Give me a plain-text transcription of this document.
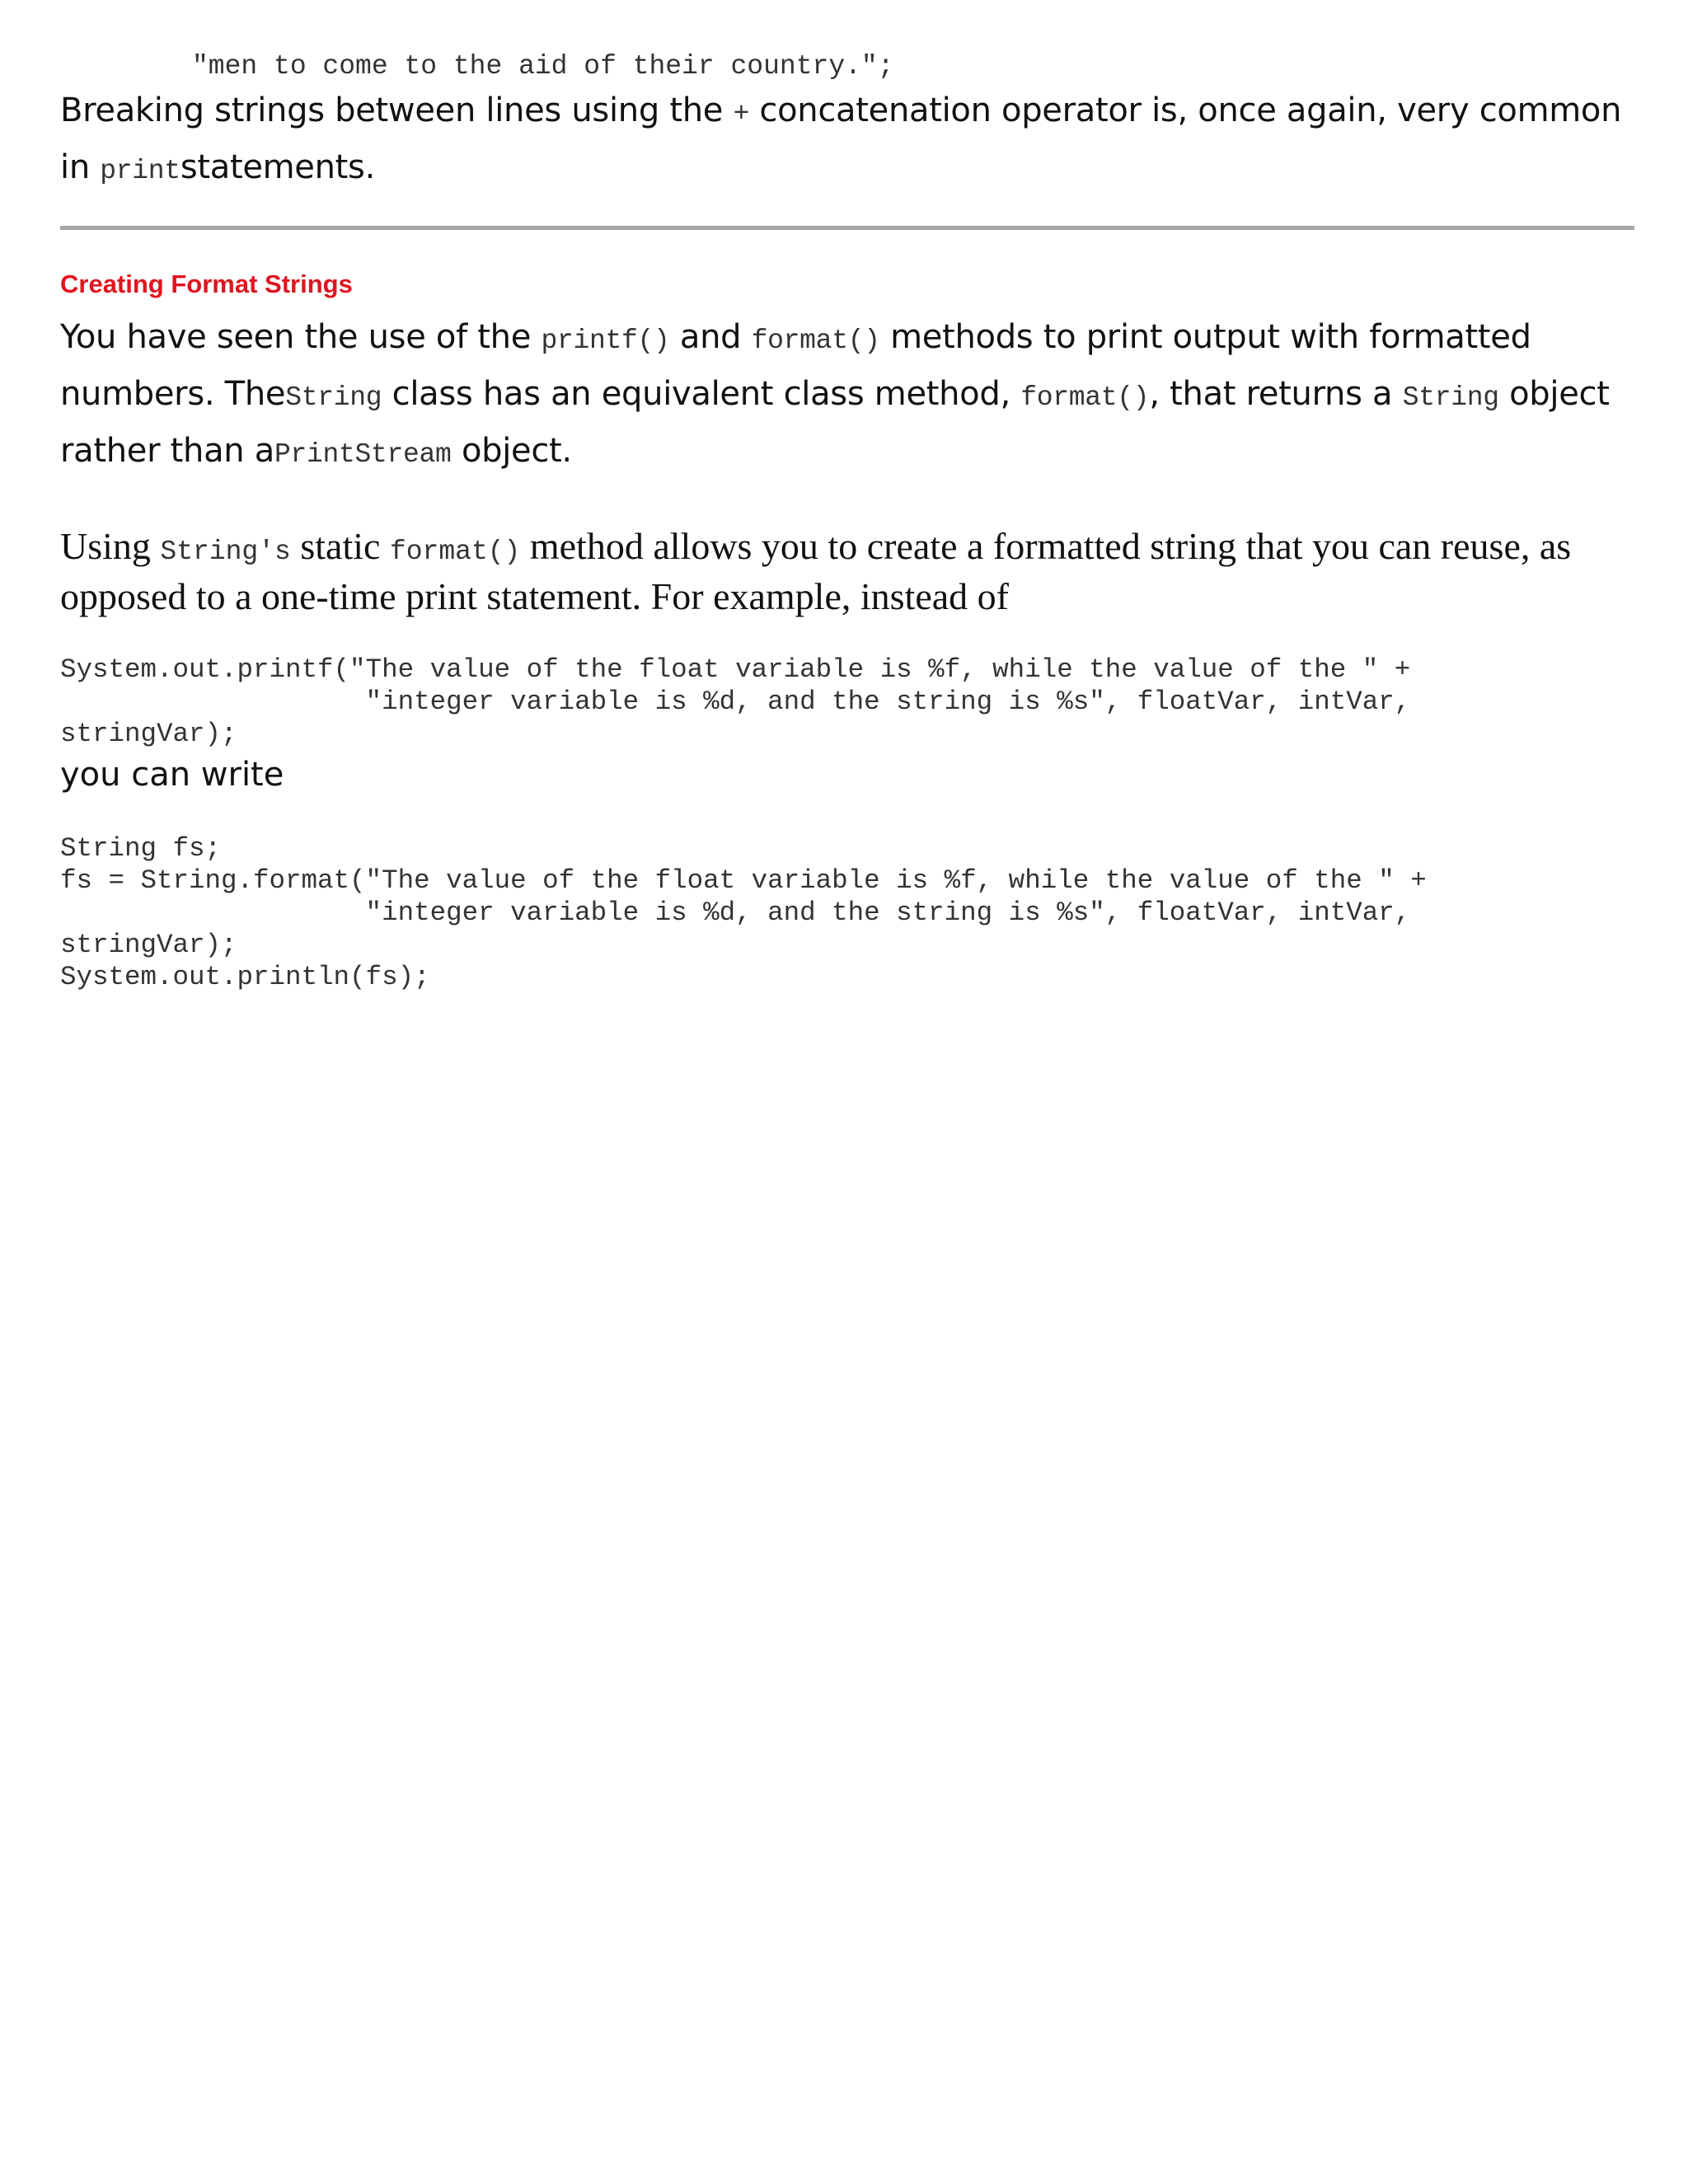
"men to come to the aid of their country.";

Breaking strings between lines using the + concatenation operator is, once again, very common in printstatements.

Creating Format Strings

You have seen the use of the printf() and format() methods to print output with formatted numbers. TheString class has an equivalent class method, format(), that returns a String object rather than aPrintStream object.

Using String's static format() method allows you to create a formatted string that you can reuse, as opposed to a one-time print statement. For example, instead of

System.out.printf("The value of the float variable is %f, while the value of the " +
"integer variable is %d, and the string is %s", floatVar, intVar,
stringVar);

you can write

String fs;
fs = String.format("The value of the float variable is %f, while the value of the " +
"integer variable is %d, and the string is %s", floatVar, intVar,
stringVar);
System.out.println(fs);
